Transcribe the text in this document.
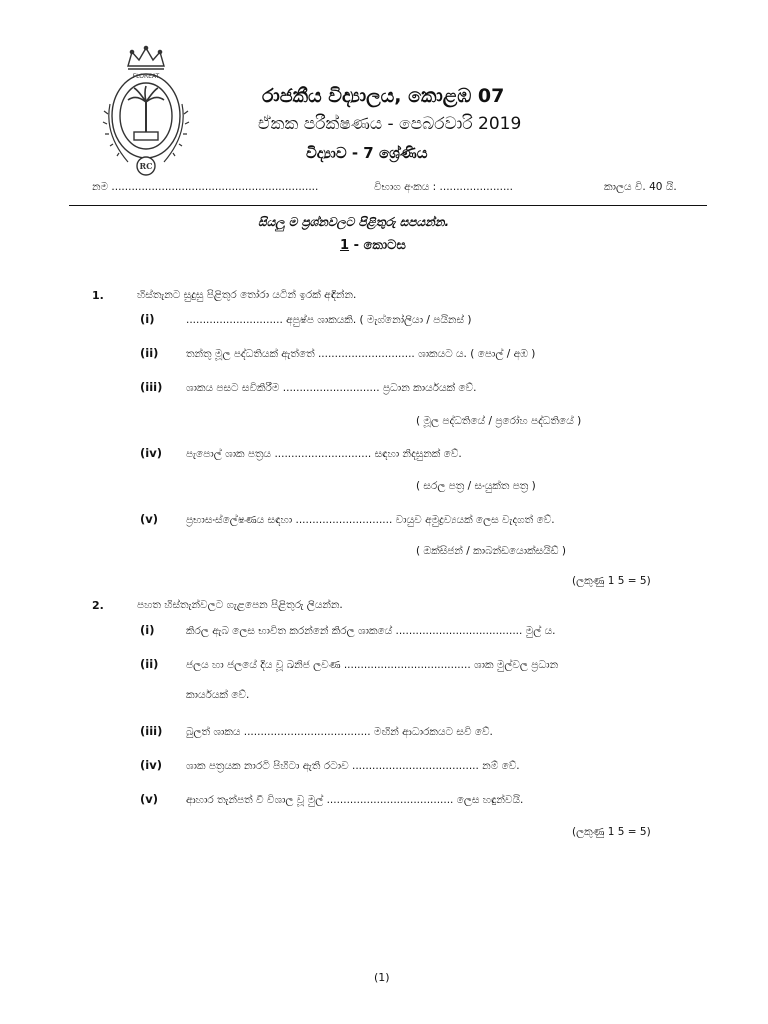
FLOREAT
RC
රාජකීය විද්‍යාලය, කොළඹ 07
ඒකක පරීක්ෂණය - පෙබරවාරි 2019
විද්‍යාව - 7 ශ්‍රේණිය
නම ..............................................................	විභාග අංකය : ......................	කාලය වි. 40 යි.
සියලු ම ප්‍රශ්නවලට පිළිතුරු සපයන්න.
1 - කොටස
1.	හිස්තැනට සුදුසු පිළිතුර තෝරා යටින් ඉරක් අඳින්න.
(i)	............................. අපුෂ්ප ශාකයකි. ( මැග්නෝලියා / පයිනස් )
(ii)	තන්තු මූල පද්ධතියක් ඇත්තේ ............................. ශාකයට ය. ( පොල් / අඹ )
(iii) ශාකය පසට සවිකිරීම ............................. ප්‍රධාන කාර්යයක් වේ.
( මූල පද්ධතියේ / ප්‍රරෝහ පද්ධතියේ )
(iv) පැපොල් ශාක පත්‍රය ............................. සඳහා නිදසුනක් වේ.
( සරල පත්‍ර / සංයුක්ත පත්‍ර )
(v)	ප්‍රභාසංස්ලේෂණය සඳහා ............................. වායුව අමුද්‍රව්‍යයක් ලෙස වැදගත් වේ.
( ඔක්සිජන් / කාබන්ඩයොක්සයිඩ් )
(ලකුණු 1 5 = 5)
2.	පහත හිස්තැන්වලට ගැළපෙන පිළිතුරු ලියන්න.
(i)	කිරල ඇබ ලෙස භාවිත කරන්නේ කිරල ශාකයේ ...................................... මුල් ය.
(ii)	ජලය හා ජලයේ දිය වූ ඛනිජ ලවණ ...................................... ශාක මුල්වල ප්‍රධාන
කාර්යයක් වේ.
(iii) බුලත් ශාකය ...................................... මඟින් ආධාරකයට සවි වේ.
(iv) ශාක පත්‍රයක නාරටි පිහිටා ඇති රටාව ...................................... නම් වේ.
(v)	ආහාර තැන්පත් වී විශාල වූ මුල් ...................................... ලෙස හඳුන්වයි.
(ලකුණු 1 5 = 5)
(1)
